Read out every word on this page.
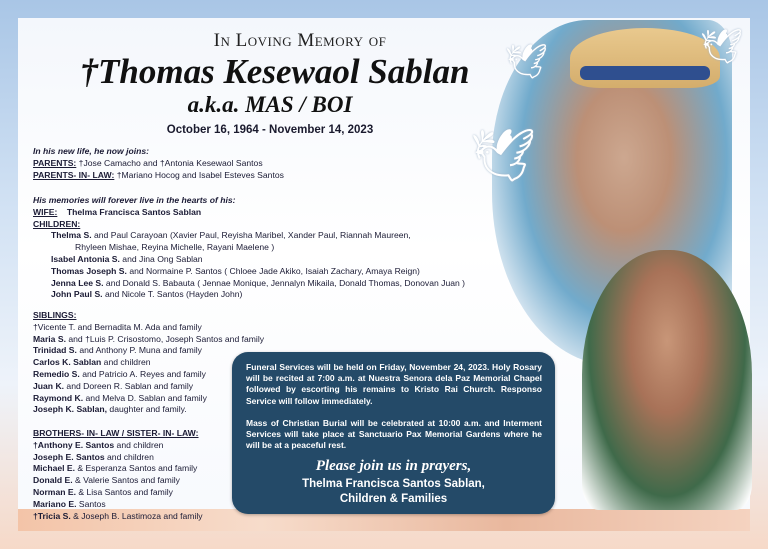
🕊
🕊
🕊
In Loving Memory of
†Thomas Kesewaol Sablan
a.k.a. MAS / BOI
October 16, 1964 - November 14, 2023
In his new life, he now joins:
PARENTS: †Jose Camacho and †Antonia Kesewaol Santos
PARENTS- IN- LAW: †Mariano Hocog and Isabel Esteves Santos
His memories will forever live in the hearts of his:
WIFE: Thelma Francisca Santos Sablan
CHILDREN:
Thelma S. and Paul Carayoan (Xavier Paul, Reyisha Maribel, Xander Paul, Riannah Maureen,
Rhyleen Mishae, Reyina Michelle, Rayani Maelene )
Isabel Antonia S. and Jina Ong Sablan
Thomas Joseph S. and Normaine P. Santos ( Chloee Jade Akiko, Isaiah Zachary, Amaya Reign)
Jenna Lee S. and Donald S. Babauta ( Jennae Monique, Jennalyn Mikaila, Donald Thomas, Donovan Juan )
John Paul S. and Nicole T. Santos (Hayden John)
SIBLINGS:
†Vicente T. and Bernadita M. Ada and family
Maria S. and †Luis P. Crisostomo, Joseph Santos and family
Trinidad S. and Anthony P. Muna and family
Carlos K. Sablan and children
Remedio S. and Patricio A. Reyes and family
Juan K. and Doreen R. Sablan and family
Raymond K. and Melva D. Sablan and family
Joseph K. Sablan, daughter and family.
BROTHERS- IN- LAW / SISTER- IN- LAW:
†Anthony E. Santos and children
Joseph E. Santos and children
Michael E. & Esperanza Santos and family
Donald E. & Valerie Santos and family
Norman E. & Lisa Santos and family
Mariano E. Santos
†Tricia S. & Joseph B. Lastimoza and family

Funeral Services will be held on Friday, November 24, 2023. Holy Rosary will be recited at 7:00 a.m. at Nuestra Senora dela Paz Memorial Chapel followed by escorting his remains to Kristo Rai Church. Responso Service will follow immediately.

Mass of Christian Burial will be celebrated at 10:00 a.m. and Interment Services will take place at Sanctuario Pax Memorial Gardens where he will be at a peaceful rest.

Please join us in prayers,
Thelma Francisca Santos Sablan,
Children & Families
